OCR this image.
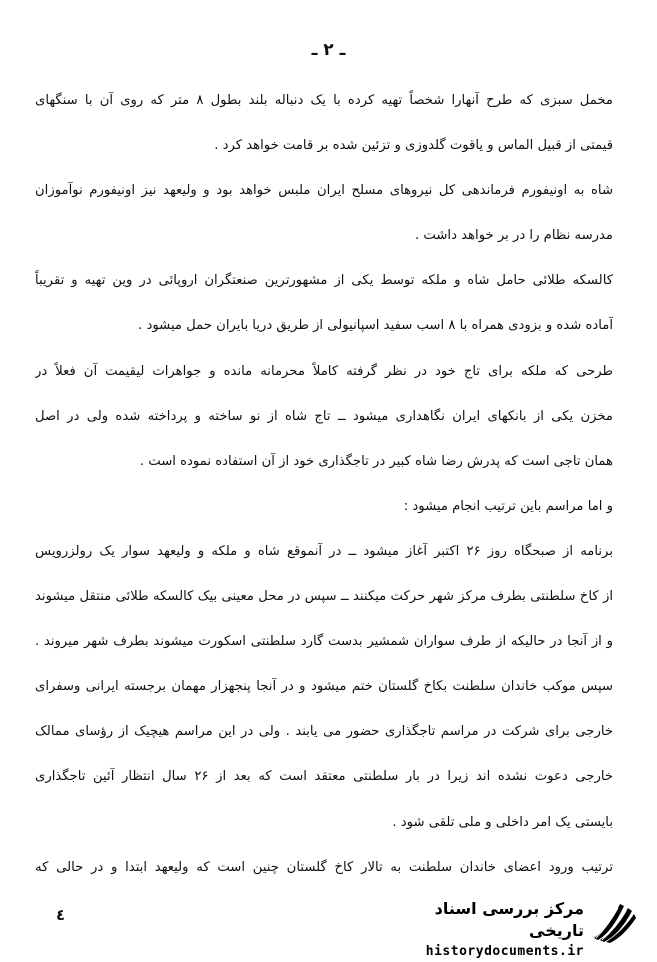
ـ ۲ ـ
مخمل سبزی که طرح آنهارا شخصاً تهیه کرده با یک دنباله بلند بطول ۸ متر که روی آن با سنگهای
قیمتی از قبیل الماس و یاقوت گلدوزی و تزئین شده بر قامت خواهد کرد .
شاه به اونیفورم فرماندهی کل نیروهای مسلح ایران ملبس خواهد بود و ولیعهد نیز اونیفورم نوآموزان
مدرسه نظام را در بر خواهد داشت .
کالسکه طلائی حامل شاه و ملکه توسط یکی از مشهورترین صنعتگران اروپائی در وین تهیه و تقریباً
آماده شده و بزودی همراه با ۸ اسب سفید اسپانیولی از طریق دریا بایران حمل میشود .
طرحی که ملکه برای تاج خود در نظر گرفته کاملاً محرمانه مانده و جواهرات لیقیمت آن فعلاً در
مخزن یکی از بانکهای ایران نگاهداری میشود ــ تاج شاه از نو ساخته و پرداخته شده ولی در اصل
همان تاجی است که پدرش رضا شاه کبیر در تاجگذاری خود از آن استفاده نموده است .
و اما مراسم باین ترتیب انجام میشود :
برنامه از صبحگاه روز ۲۶ اکتبر آغاز میشود ــ در آنموقع شاه و ملکه و ولیعهد سوار یک رولزرویس
از کاخ سلطنتی بطرف مرکز شهر حرکت میکنند ــ سپس در محل معینی بیک کالسکه طلائی منتقل میشوند
و از آنجا در حالیکه از طرف سواران شمشیر بدست گارد سلطنتی اسکورت میشوند بطرف شهر میروند .
سپس موکب خاندان سلطنت بکاخ گلستان ختم میشود و در آنجا پنجهزار مهمان برجسته ایرانی وسفرای
خارجی برای شرکت در مراسم تاجگذاری حضور می یابند . ولی در این مراسم هیچیک از رؤسای ممالک
خارجی دعوت نشده اند زیرا در بار سلطنتی معتقد است که بعد از ۲۶ سال انتظار آئین تاجگذاری
بایستی یک امر داخلی و ملی تلقی شود .
ترتیب ورود اعضای خاندان سلطنت به تالار کاخ گلستان چنین است که ولیعهد ابتدا و در حالی که
٤	مرکز بررسی اسناد تاریخی
historydocuments.ir
